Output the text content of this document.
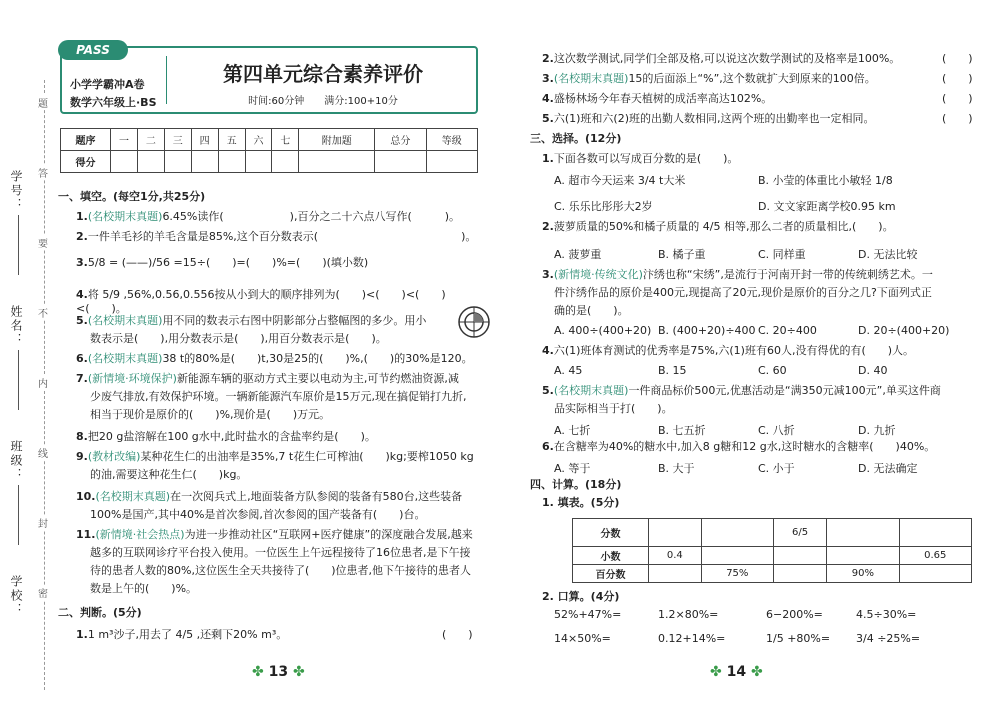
学号：
姓名：
班级：
学校：
题
答
要
不
内
线
封
密
PASS
小学学霸冲A卷
数学六年级上·BS
第四单元综合素养评价
时间:60分钟　　满分:100+10分
题序	一	二	三	四	五	六	七	附加题	总分	等级
得分										
一、填空。(每空1分,共25分)
1.(名校期末真题)6.45%读作(　　　　　　),百分之二十六点八写作(　　　)。
2.一件羊毛衫的羊毛含量是85%,这个百分数表示(　　　　　　　　　　　　　)。
3.5/8 = (——)/56 =15÷(　　)=(　　)%=(　　)(填小数)
4.将 5/9 ,56%,0.56,0.556按从小到大的顺序排列为(　　)<(　　)<(　　)<(　　)。
5.(名校期末真题)用不同的数表示右图中阴影部分占整幅图的多少。用小
数表示是(　　),用分数表示是(　　),用百分数表示是(　　)。
6.(名校期末真题)38 t的80%是(　　)t,30是25的(　　)%,(　　)的30%是120。
7.(新情境·环境保护)新能源车辆的驱动方式主要以电动为主,可节约燃油资源,减
少废气排放,有效保护环境。一辆新能源汽车原价是15万元,现在搞促销打九折,
相当于现价是原价的(　　)%,现价是(　　)万元。
8.把20 g盐溶解在100 g水中,此时盐水的含盐率约是(　　)。
9.(教材改编)某种花生仁的出油率是35%,7 t花生仁可榨油(　　)kg;要榨1050 kg
的油,需要这种花生仁(　　)kg。
10.(名校期末真题)在一次阅兵式上,地面装备方队参阅的装备有580台,这些装备
100%是国产,其中40%是首次参阅,首次参阅的国产装备有(　　)台。
11.(新情境·社会热点)为进一步推动社区“互联网+医疗健康”的深度融合发展,越来
越多的互联网诊疗平台投入使用。一位医生上午远程接待了16位患者,是下午接
待的患者人数的80%,这位医生全天共接待了(　　)位患者,他下午接待的患者人
数是上午的(　　)%。
二、判断。(5分)
1.1 m³沙子,用去了 4/5 ,还剩下20% m³。	(　　)
✤ 13 ✤
2.这次数学测试,同学们全部及格,可以说这次数学测试的及格率是100%。	(　　)
3.(名校期末真题)15的后面添上“%”,这个数就扩大到原来的100倍。	(　　)
4.盛杨林场今年春天植树的成活率高达102%。	(　　)
5.六(1)班和六(2)班的出勤人数相同,这两个班的出勤率也一定相同。	(　　)
三、选择。(12分)
1.下面各数可以写成百分数的是(　　)。
A. 超市今天运来 3/4 t大米	B. 小莹的体重比小敏轻 1/8
C. 乐乐比彤彤大2岁	D. 文文家距离学校0.95 km
2.菠萝质量的50%和橘子质量的 4/5 相等,那么二者的质量相比,(　　)。
A. 菠萝重	B. 橘子重	C. 同样重	D. 无法比较
3.(新情境·传统文化)汴绣也称“宋绣”,是流行于河南开封一带的传统刺绣艺术。一
件汴绣作品的原价是400元,现提高了20元,现价是原价的百分之几?下面列式正
确的是(　　)。
A. 400÷(400+20) B. (400+20)÷400 C. 20÷400	D. 20÷(400+20)
4.六(1)班体育测试的优秀率是75%,六(1)班有60人,没有得优的有(　　)人。
A. 45	B. 15	C. 60	D. 40
5.(名校期末真题)一件商品标价500元,优惠活动是“满350元减100元”,单买这件商
品实际相当于打(　　)。
A. 七折	B. 七五折	C. 八折	D. 九折
6.在含糖率为40%的糖水中,加入8 g糖和12 g水,这时糖水的含糖率(　　)40%。
A. 等于	B. 大于	C. 小于	D. 无法确定
四、计算。(18分)
1. 填表。(5分)
分数			6/5		
小数	0.4				0.65
百分数		75%		90%	
2. 口算。(4分)
52%+47%=	1.2×80%=	6−200%=	4.5÷30%=
14×50%=	0.12+14%=	1/5 +80%= 3/4 ÷25%=
✤ 14 ✤
